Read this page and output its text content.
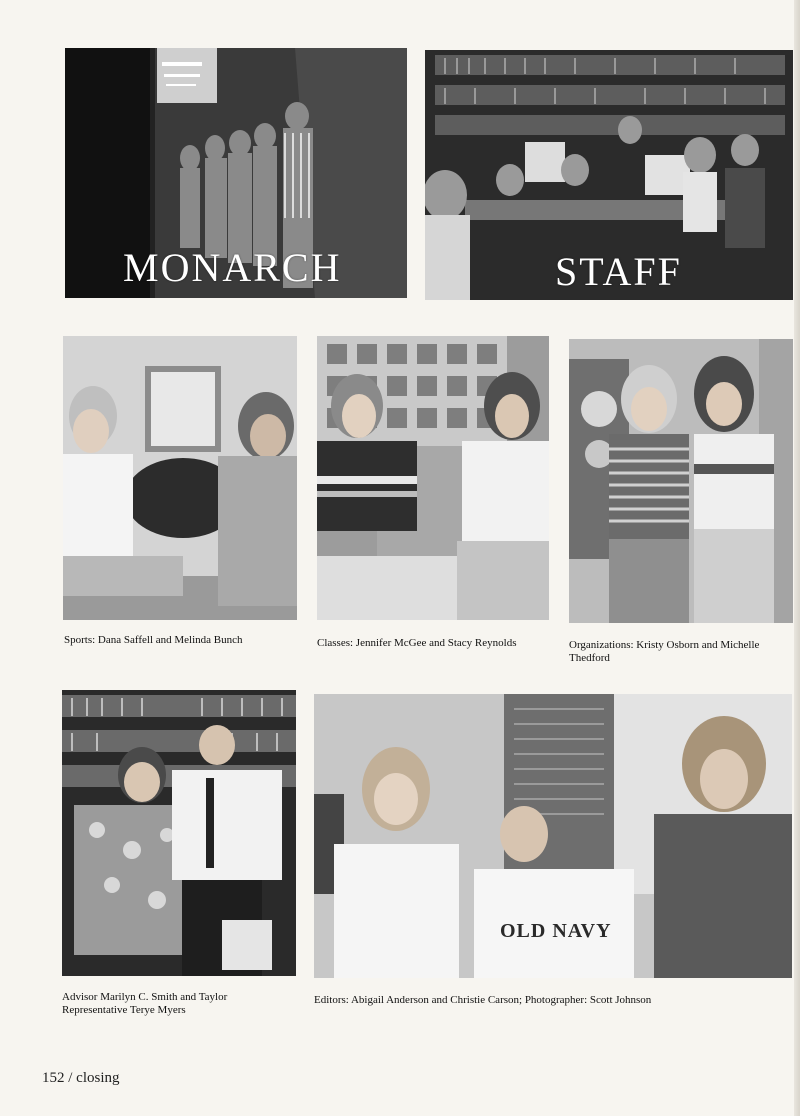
MONARCH	STAFF
OLD NAVY
Sports: Dana Saffell and Melinda Bunch	Classes: Jennifer McGee and Stacy Reynolds	Organizations: Kristy Osborn and Michelle Thedford
Advisor Marilyn C. Smith and Taylor Representative Terye Myers
Editors: Abigail Anderson and Christie Carson; Photographer: Scott Johnson
152 / closing
